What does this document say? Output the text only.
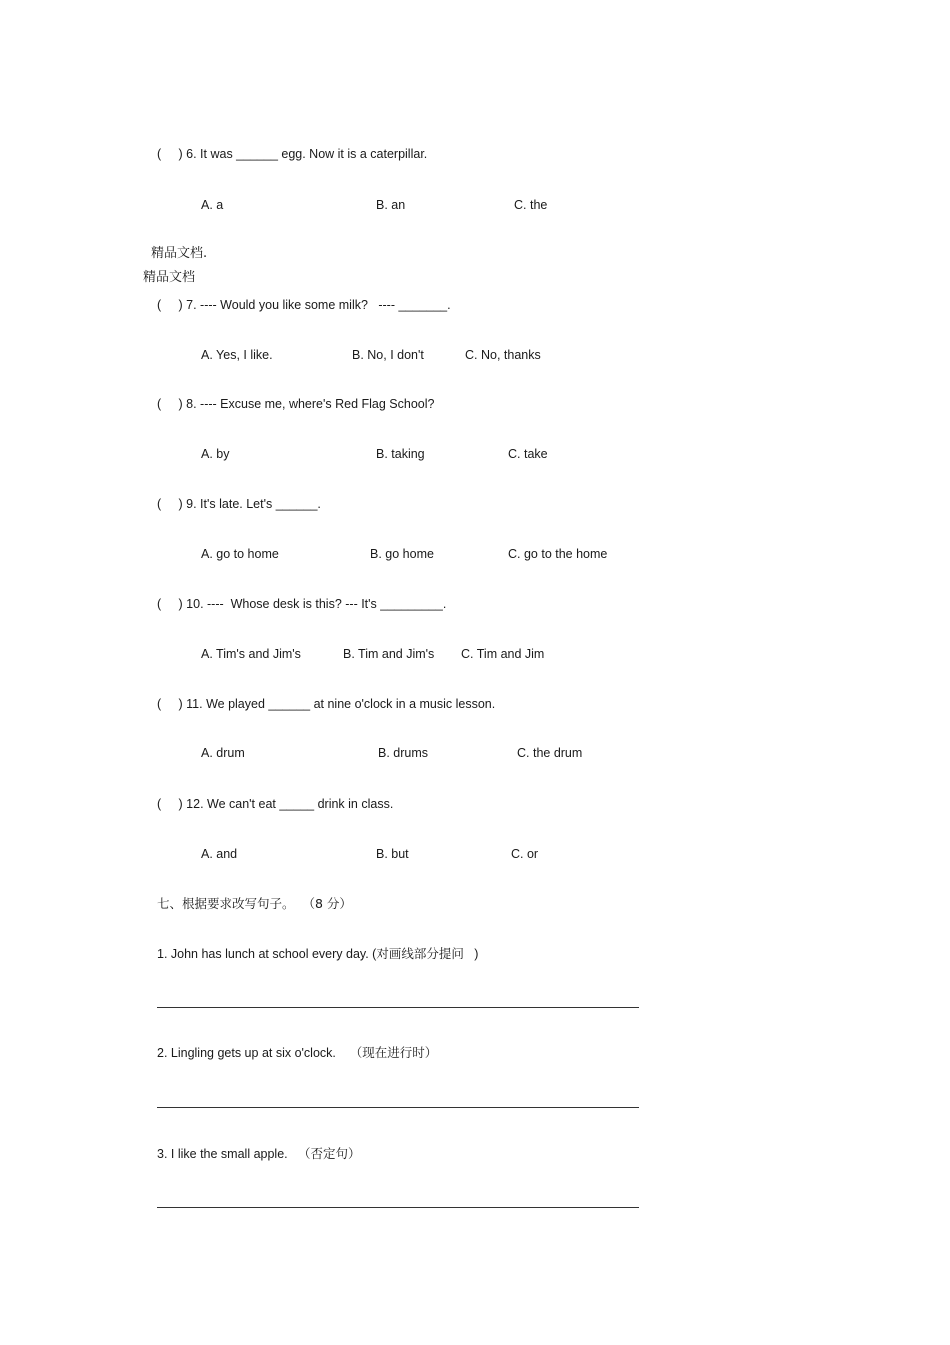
(     ) 6. It was ______ egg. Now it is a caterpillar.
A. a	B. an	C. the
精品文档.
精品文档
(     ) 7. ---- Would you like some milk?   ---- _______.
A. Yes, I like.	B. No, I don't	C. No, thanks
(     ) 8. ---- Excuse me, where's Red Flag School?
A. by	B. taking	C. take
(     ) 9. It's late. Let's ______.
A. go to home	B. go home	C. go to the home
(     ) 10. ----  Whose desk is this? --- It's _________.
A. Tim's and Jim's	B. Tim and Jim's C. Tim and Jim
(     ) 11. We played ______ at nine o'clock in a music lesson.
A. drum	B. drums	C. the drum
(     ) 12. We can't eat _____ drink in class.
A. and	B. but	C. or
七、根据要求改写句子。  （8 分）
1. John has lunch at school every day. (对画线部分提问   )
2. Lingling gets up at six o'clock.    （现在进行时）
3. I like the small apple.   （否定句）
